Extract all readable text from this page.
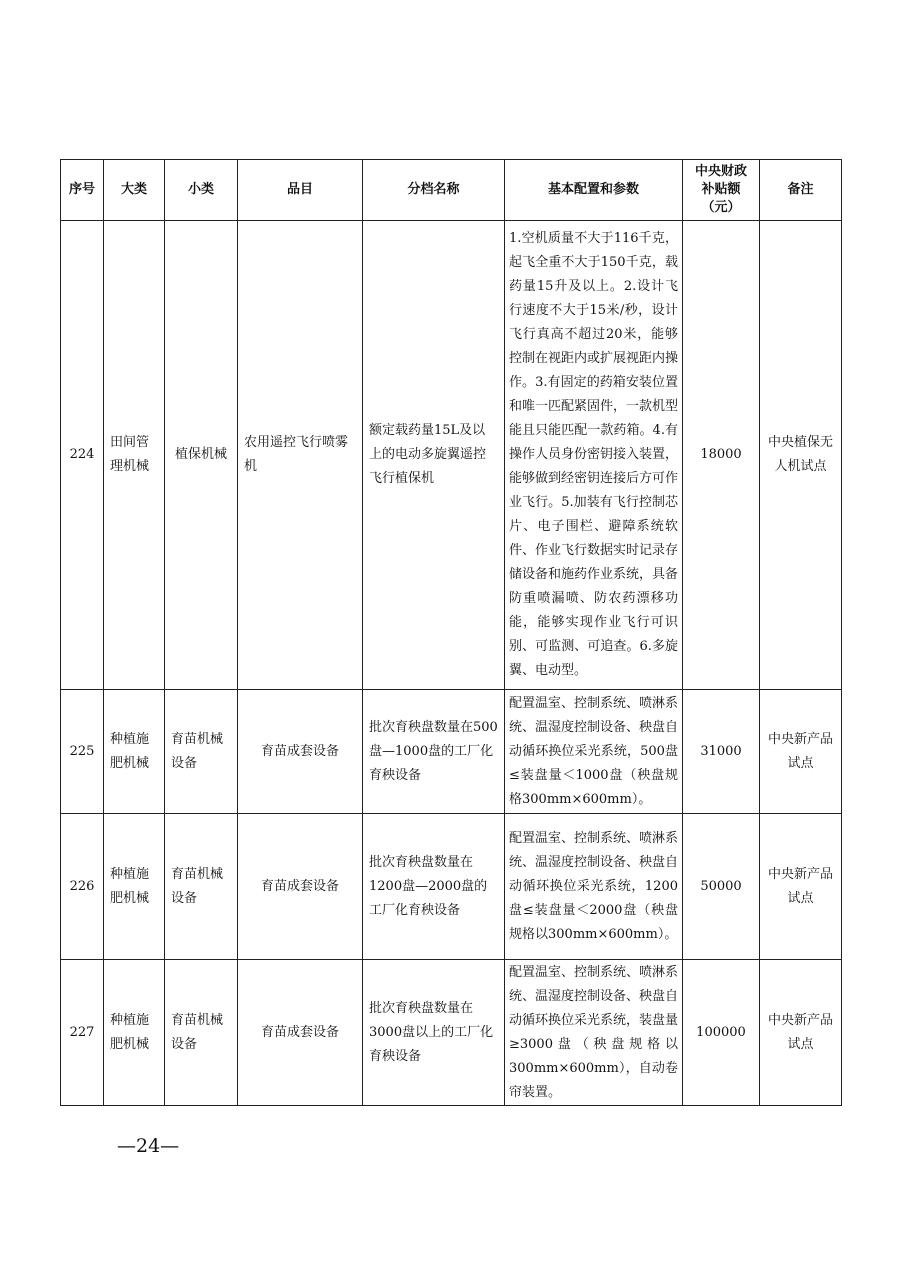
序号	大类	小类	品目	分档名称	基本配置和参数	中央财政补贴额（元）	备注
224	田间管理机械	植保机械	农用遥控飞行喷雾机	额定载药量15L及以上的电动多旋翼遥控飞行植保机	1.空机质量不大于116千克，起飞全重不大于150千克，载药量15升及以上。2.设计飞行速度不大于15米/秒，设计飞行真高不超过20米，能够控制在视距内或扩展视距内操作。3.有固定的药箱安装位置和唯一匹配紧固件，一款机型能且只能匹配一款药箱。4.有操作人员身份密钥接入装置，能够做到经密钥连接后方可作业飞行。5.加装有飞行控制芯片、电子围栏、避障系统软件、作业飞行数据实时记录存储设备和施药作业系统，具备防重喷漏喷、防农药漂移功能，能够实现作业飞行可识别、可监测、可追查。6.多旋翼、电动型。	18000	中央植保无人机试点
225	种植施肥机械	育苗机械设备	育苗成套设备	批次育秧盘数量在500盘—1000盘的工厂化育秧设备	配置温室、控制系统、喷淋系统、温湿度控制设备、秧盘自动循环换位采光系统，500盘≤装盘量＜1000盘（秧盘规格300mm×600mm）。	31000	中央新产品试点
226	种植施肥机械	育苗机械设备	育苗成套设备	批次育秧盘数量在1200盘—2000盘的工厂化育秧设备	配置温室、控制系统、喷淋系统、温湿度控制设备、秧盘自动循环换位采光系统，1200盘≤装盘量＜2000盘（秧盘规格以300mm×600mm）。	50000	中央新产品试点
227	种植施肥机械	育苗机械设备	育苗成套设备	批次育秧盘数量在3000盘以上的工厂化育秧设备	配置温室、控制系统、喷淋系统、温湿度控制设备、秧盘自动循环换位采光系统，装盘量≥3000盘（秧盘规格以300mm×600mm），自动卷帘装置。	100000	中央新产品试点
—24—
